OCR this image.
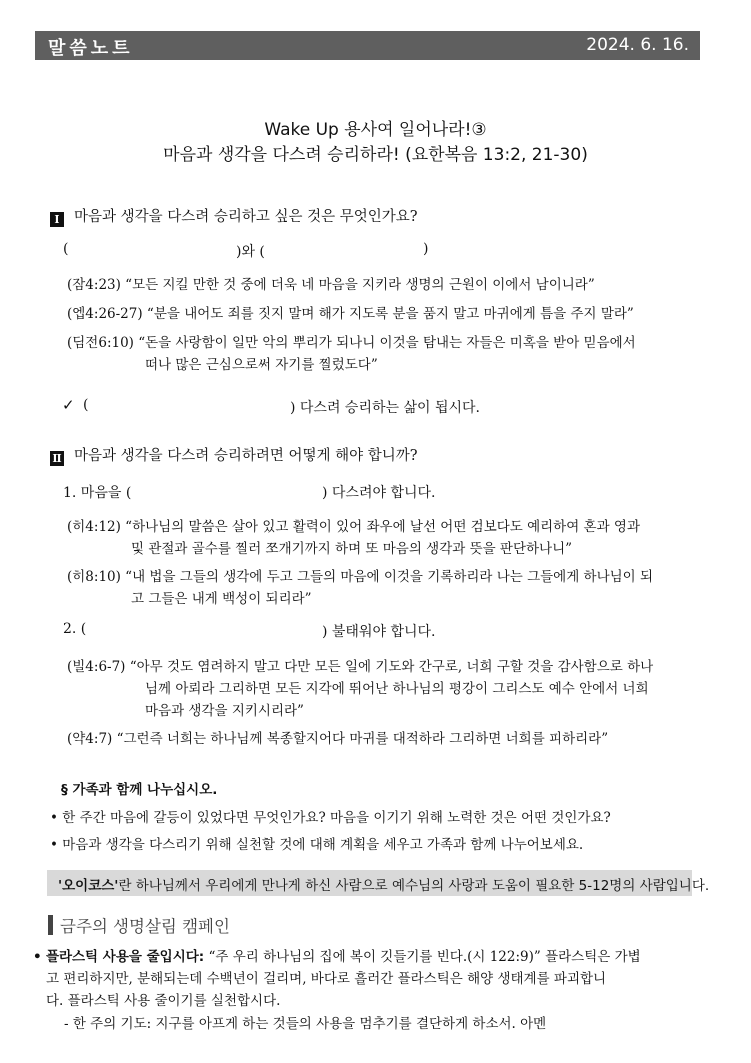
말씀노트	2024. 6. 16.
Wake Up 용사여 일어나라!③
마음과 생각을 다스려 승리하라! (요한복음 13:2, 21-30)
Ⅰ 마음과 생각을 다스려 승리하고 싶은 것은 무엇인가요?
(	)와 (	)
(잠4:23) “모든 지킬 만한 것 중에 더욱 네 마음을 지키라 생명의 근원이 이에서 남이니라”
(엡4:26-27) “분을 내어도 죄를 짓지 말며 해가 지도록 분을 품지 말고 마귀에게 틈을 주지 말라”
(딤전6:10) “돈을 사랑함이 일만 악의 뿌리가 되나니 이것을 탐내는 자들은 미혹을 받아 믿음에서
떠나 많은 근심으로써 자기를 찔렀도다”
✓ (	) 다스려 승리하는 삶이 됩시다.
Ⅱ 마음과 생각을 다스려 승리하려면 어떻게 해야 합니까?
1. 마음을 (	) 다스려야 합니다.
(히4:12) “하나님의 말씀은 살아 있고 활력이 있어 좌우에 날선 어떤 검보다도 예리하여 혼과 영과
및 관절과 골수를 찔러 쪼개기까지 하며 또 마음의 생각과 뜻을 판단하나니”
(히8:10) “내 법을 그들의 생각에 두고 그들의 마음에 이것을 기록하리라 나는 그들에게 하나님이 되
고 그들은 내게 백성이 되리라”
2. (	) 불태워야 합니다.
(빌4:6-7) “아무 것도 염려하지 말고 다만 모든 일에 기도와 간구로, 너희 구할 것을 감사함으로 하나
님께 아뢰라 그리하면 모든 지각에 뛰어난 하나님의 평강이 그리스도 예수 안에서 너희
마음과 생각을 지키시리라”
(약4:7) “그런즉 너희는 하나님께 복종할지어다 마귀를 대적하라 그리하면 너희를 피하리라”
§ 가족과 함께 나누십시오.
• 한 주간 마음에 갈등이 있었다면 무엇인가요? 마음을 이기기 위해 노력한 것은 어떤 것인가요?
• 마음과 생각을 다스리기 위해 실천할 것에 대해 계획을 세우고 가족과 함께 나누어보세요.
'오이코스'란 하나님께서 우리에게 만나게 하신 사람으로 예수님의 사랑과 도움이 필요한 5-12명의 사람입니다.
금주의 생명살림 캠페인
• 플라스틱 사용을 줄입시다: “주 우리 하나님의 집에 복이 깃들기를 빈다.(시 122:9)” 플라스틱은 가볍
고 편리하지만, 분해되는데 수백년이 걸리며, 바다로 흘러간 플라스틱은 해양 생태계를 파괴합니
다. 플라스틱 사용 줄이기를 실천합시다.
- 한 주의 기도: 지구를 아프게 하는 것들의 사용을 멈추기를 결단하게 하소서. 아멘
